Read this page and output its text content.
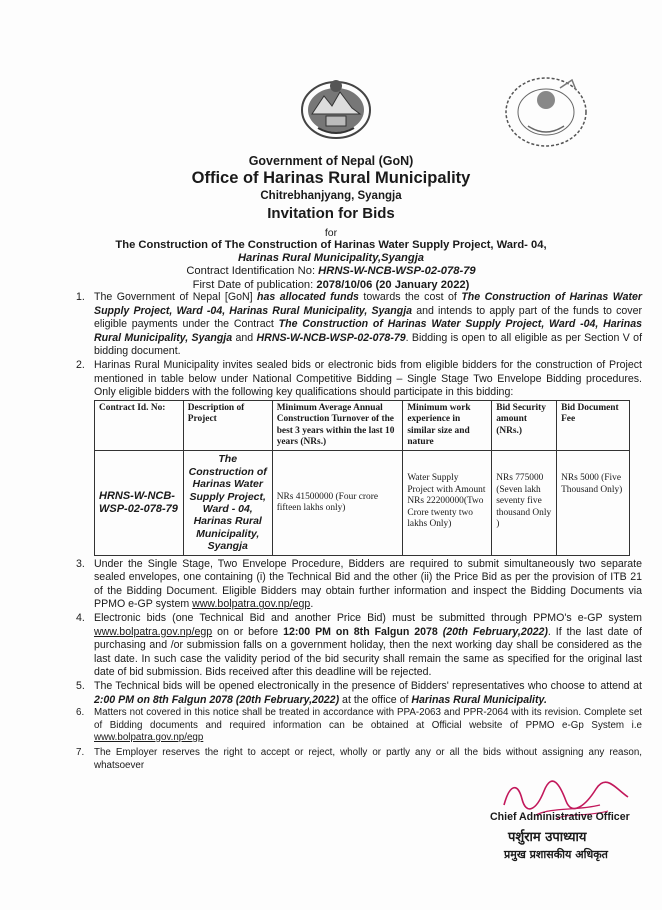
Government of Nepal (GoN)
Office of Harinas Rural Municipality
Chitrebhanjyang, Syangja
Invitation for Bids
for
The Construction of The Construction of Harinas Water Supply Project, Ward- 04,
Harinas Rural Municipality,Syangja
Contract Identification No: HRNS-W-NCB-WSP-02-078-79
First Date of publication: 2078/10/06 (20 January 2022)

1. The Government of Nepal [GoN] has allocated funds towards the cost of The Construction of Harinas Water Supply Project, Ward -04, Harinas Rural Municipality, Syangja and intends to apply part of the funds to cover eligible payments under the Contract The Construction of Harinas Water Supply Project, Ward -04, Harinas Rural Municipality, Syangja and HRNS-W-NCB-WSP-02-078-79. Bidding is open to all eligible as per Section V of bidding document.

2. Harinas Rural Municipality invites sealed bids or electronic bids from eligible bidders for the construction of Project mentioned in table below under National Competitive Bidding – Single Stage Two Envelope Bidding procedures. Only eligible bidders with the following key qualifications should participate in this bidding:

Contract Id. No:	Description of Project	Minimum Average Annual Construction Turnover of the best 3 years within the last 10 years (NRs.)	Minimum work experience in similar size and nature	Bid Security amount (NRs.)	Bid Document Fee
HRNS-W-NCB-WSP-02-078-79	The Construction of Harinas Water Supply Project, Ward - 04, Harinas Rural Municipality, Syangja	NRs 41500000 (Four crore fifteen lakhs only)	Water Supply Project with Amount NRs 22200000(Two Crore twenty two lakhs Only)	NRs 775000 (Seven lakh seventy five thousand Only )	NRs 5000 (Five Thousand Only)

3. Under the Single Stage, Two Envelope Procedure, Bidders are required to submit simultaneously two separate sealed envelopes, one containing (i) the Technical Bid and the other (ii) the Price Bid as per the provision of ITB 21 of the Bidding Document. Eligible Bidders may obtain further information and inspect the Bidding Documents via PPMO e-GP system www.bolpatra.gov.np/egp.

4. Electronic bids (one Technical Bid and another Price Bid) must be submitted through PPMO's e-GP system www.bolpatra.gov.np/egp on or before 12:00 PM on 8th Falgun 2078 (20th February,2022). If the last date of purchasing and /or submission falls on a government holiday, then the next working day shall be considered as the last date. In such case the validity period of the bid security shall remain the same as specified for the original last date of bid submission. Bids received after this deadline will be rejected.

5. The Technical bids will be opened electronically in the presence of Bidders' representatives who choose to attend at 2:00 PM on 8th Falgun 2078 (20th February,2022) at the office of Harinas Rural Municipality.

6. Matters not covered in this notice shall be treated in accordance with PPA-2063 and PPR-2064 with its revision. Complete set of Bidding documents and required information can be obtained at Official website of PPMO e-Gp System i.e www.bolpatra.gov.np/egp

7. The Employer reserves the right to accept or reject, wholly or partly any or all the bids without assigning any reason, whatsoever

Chief Administrative Officer
पर्शुराम उपाध्याय
प्रमुख प्रशासकीय अधिकृत
